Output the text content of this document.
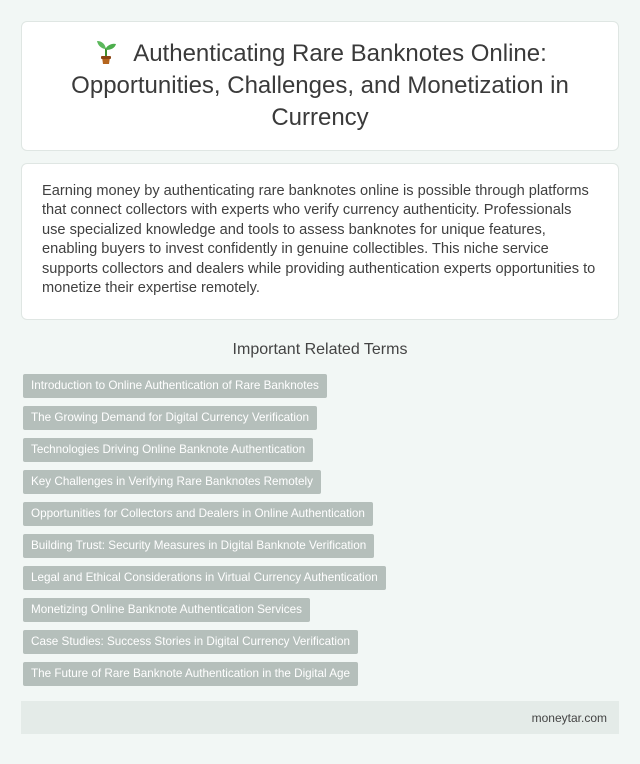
Authenticating Rare Banknotes Online: Opportunities, Challenges, and Monetization in Currency

Earning money by authenticating rare banknotes online is possible through platforms that connect collectors with experts who verify currency authenticity. Professionals use specialized knowledge and tools to assess banknotes for unique features, enabling buyers to invest confidently in genuine collectibles. This niche service supports collectors and dealers while providing authentication experts opportunities to monetize their expertise remotely.

Important Related Terms
Introduction to Online Authentication of Rare Banknotes
The Growing Demand for Digital Currency Verification
Technologies Driving Online Banknote Authentication
Key Challenges in Verifying Rare Banknotes Remotely
Opportunities for Collectors and Dealers in Online Authentication
Building Trust: Security Measures in Digital Banknote Verification
Legal and Ethical Considerations in Virtual Currency Authentication
Monetizing Online Banknote Authentication Services
Case Studies: Success Stories in Digital Currency Verification
The Future of Rare Banknote Authentication in the Digital Age
moneytar.com
